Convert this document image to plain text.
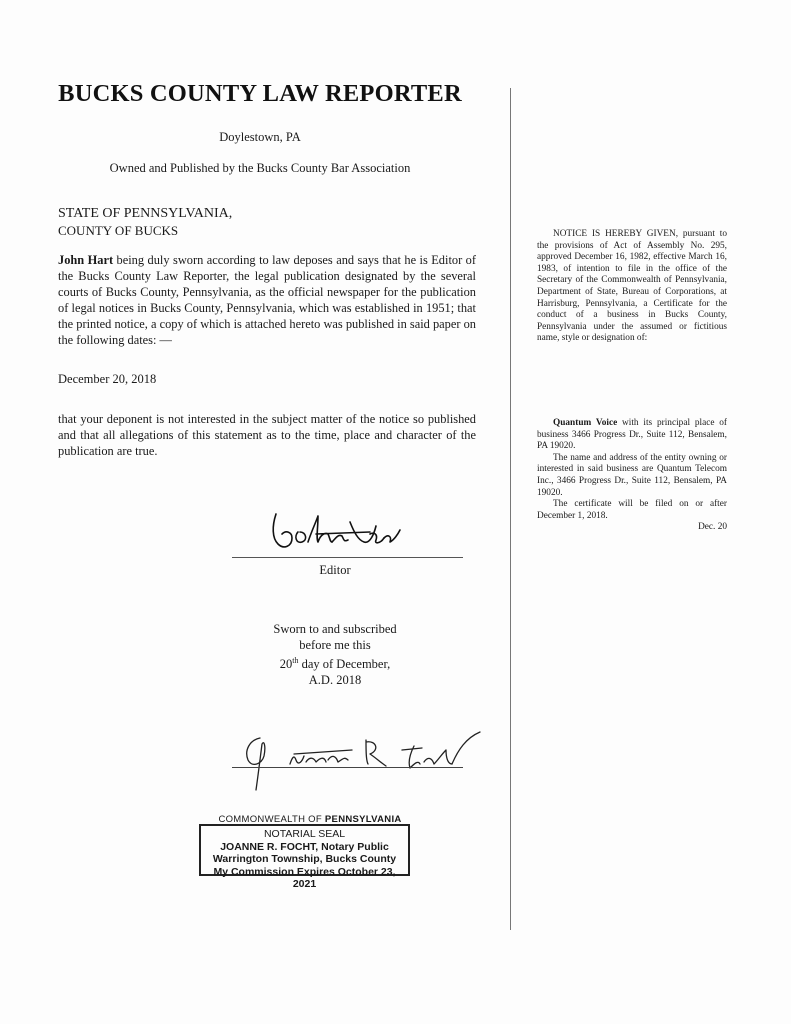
BUCKS COUNTY LAW REPORTER
Doylestown, PA
Owned and Published by the Bucks County Bar Association
STATE OF PENNSYLVANIA,
COUNTY OF BUCKS

John Hart being duly sworn according to law deposes and says that he is Editor of the Bucks County Law Reporter, the legal publication designated by the several courts of Bucks County, Pennsylvania, as the official newspaper for the publication of legal notices in Bucks County, Pennsylvania, which was established in 1951; that the printed notice, a copy of which is attached hereto was published in said paper on the following dates: —

December 20, 2018

that your deponent is not interested in the subject matter of the notice so published and that all allegations of this statement as to the time, place and character of the publication are true.

Editor
Sworn to and subscribed
before me this
20th day of December,
A.D. 2018
COMMONWEALTH OF PENNSYLVANIA
NOTARIAL SEAL
JOANNE R. FOCHT, Notary Public
Warrington Township, Bucks County
My Commission Expires October 23, 2021

NOTICE IS HEREBY GIVEN, pursuant to the provisions of Act of Assembly No. 295, approved December 16, 1982, effective March 16, 1983, of intention to file in the office of the Secretary of the Commonwealth of Pennsylvania, Department of State, Bureau of Corporations, at Harrisburg, Pennsylvania, a Certificate for the conduct of a business in Bucks County, Pennsylvania under the assumed or fictitious name, style or designation of:

Quantum Voice with its principal place of business 3466 Progress Dr., Suite 112, Bensalem, PA 19020.

The name and address of the entity owning or interested in said business are Quantum Telecom Inc., 3466 Progress Dr., Suite 112, Bensalem, PA 19020.

The certificate will be filed on or after December 1, 2018.

Dec. 20
